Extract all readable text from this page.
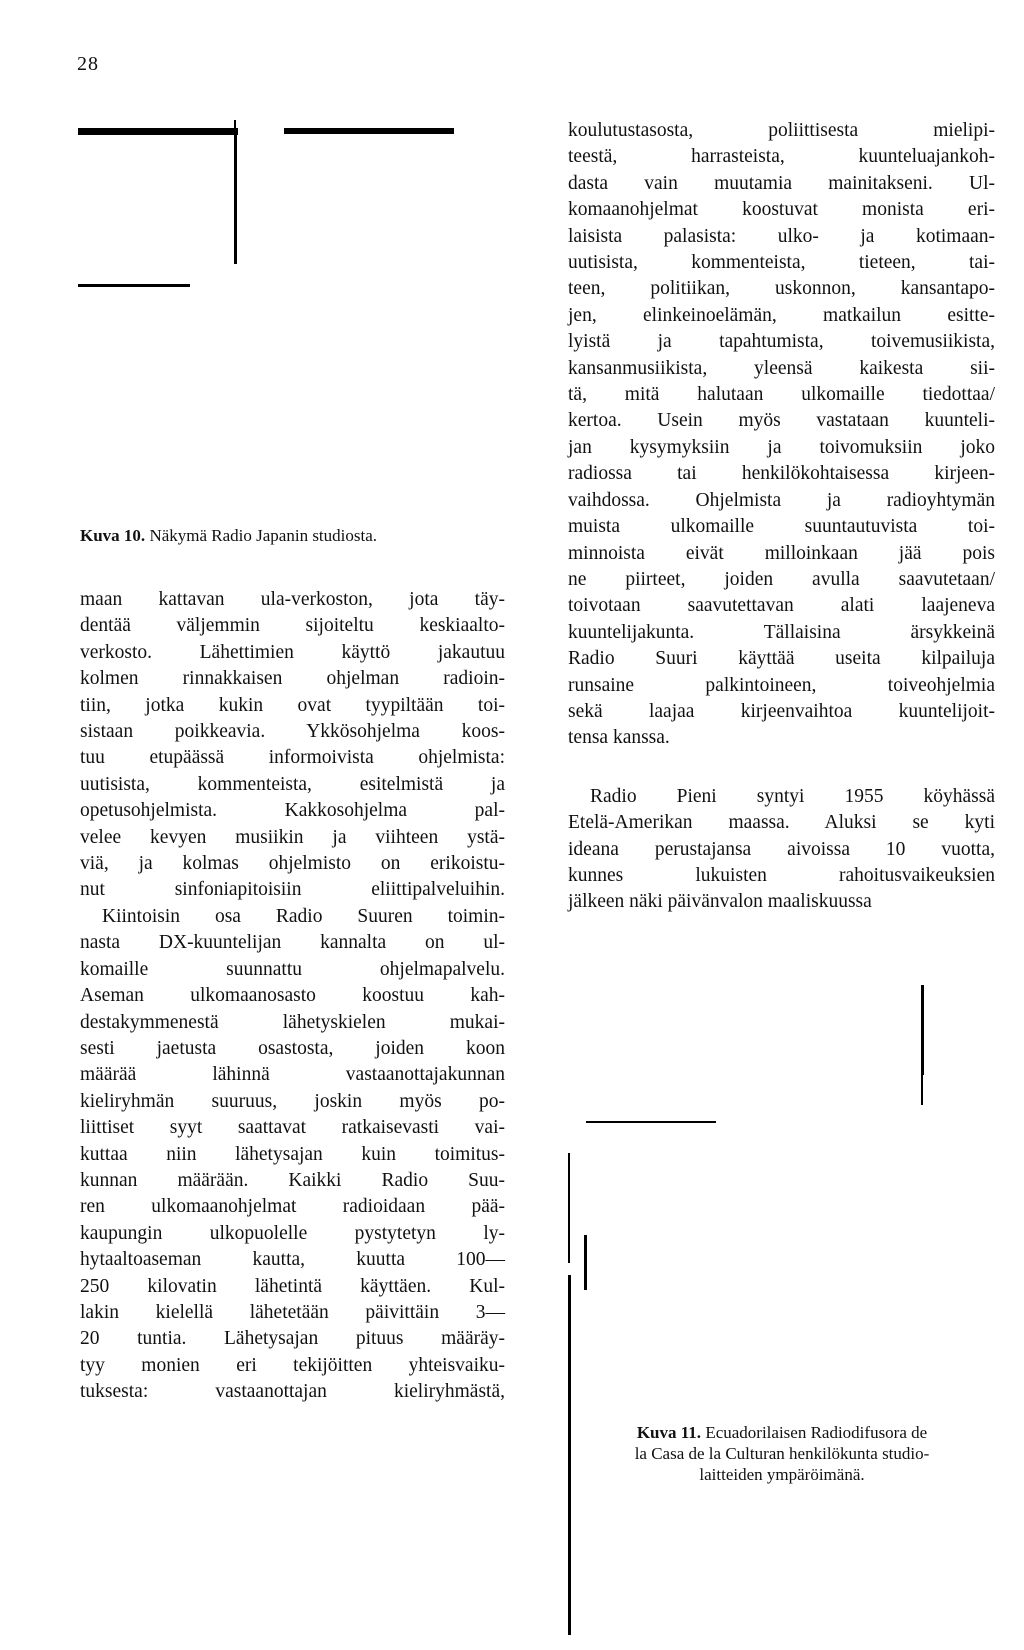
28
Kuva 10. Näkymä Radio Japanin studiosta.
maan kattavan ula-verkoston, jota täy-
dentää väljemmin sijoiteltu keskiaalto-
verkosto. Lähettimien käyttö jakautuu
kolmen rinnakkaisen ohjelman radioin-
tiin, jotka kukin ovat tyypiltään toi-
sistaan poikkeavia. Ykkösohjelma koos-
tuu etupäässä informoivista ohjelmista:
uutisista, kommenteista, esitelmistä ja
opetusohjelmista. Kakkosohjelma pal-
velee kevyen musiikin ja viihteen ystä-
viä, ja kolmas ohjelmisto on erikoistu-
nut sinfoniapitoisiin eliittipalveluihin.
Kiintoisin osa Radio Suuren toimin-
nasta DX-kuuntelijan kannalta on ul-
komaille suunnattu ohjelmapalvelu.
Aseman ulkomaanosasto koostuu kah-
destakymmenestä lähetyskielen mukai-
sesti jaetusta osastosta, joiden koon
määrää lähinnä vastaanottajakunnan
kieliryhmän suuruus, joskin myös po-
liittiset syyt saattavat ratkaisevasti vai-
kuttaa niin lähetysajan kuin toimitus-
kunnan määrään. Kaikki Radio Suu-
ren ulkomaanohjelmat radioidaan pää-
kaupungin ulkopuolelle pystytetyn ly-
hytaaltoaseman kautta, kuutta 100—
250 kilovatin lähetintä käyttäen. Kul-
lakin kielellä lähetetään päivittäin 3—
20 tuntia. Lähetysajan pituus määräy-
tyy monien eri tekijöitten yhteisvaiku-
tuksesta: vastaanottajan kieliryhmästä,
koulutustasosta, poliittisesta mielipi-
teestä, harrasteista, kuunteluajankoh-
dasta vain muutamia mainitakseni. Ul-
komaanohjelmat koostuvat monista eri-
laisista palasista: ulko- ja kotimaan-
uutisista, kommenteista, tieteen, tai-
teen, politiikan, uskonnon, kansantapo-
jen, elinkeinoelämän, matkailun esitte-
lyistä ja tapahtumista, toivemusiikista,
kansanmusiikista, yleensä kaikesta sii-
tä, mitä halutaan ulkomaille tiedottaa/
kertoa. Usein myös vastataan kuunteli-
jan kysymyksiin ja toivomuksiin joko
radiossa tai henkilökohtaisessa kirjeen-
vaihdossa. Ohjelmista ja radioyhtymän
muista ulkomaille suuntautuvista toi-
minnoista eivät milloinkaan jää pois
ne piirteet, joiden avulla saavutetaan/
toivotaan saavutettavan alati laajeneva
kuuntelijakunta. Tällaisina ärsykkeinä
Radio Suuri käyttää useita kilpailuja
runsaine palkintoineen, toiveohjelmia
sekä laajaa kirjeenvaihtoa kuuntelijoit-
tensa kanssa.
Radio Pieni syntyi 1955 köyhässä
Etelä-Amerikan maassa. Aluksi se kyti
ideana perustajansa aivoissa 10 vuotta,
kunnes lukuisten rahoitusvaikeuksien
jälkeen näki päivänvalon maaliskuussa
Kuva 11. Ecuadorilaisen Radiodifusora de
la Casa de la Culturan henkilökunta studio-
laitteiden ympäröimänä.
